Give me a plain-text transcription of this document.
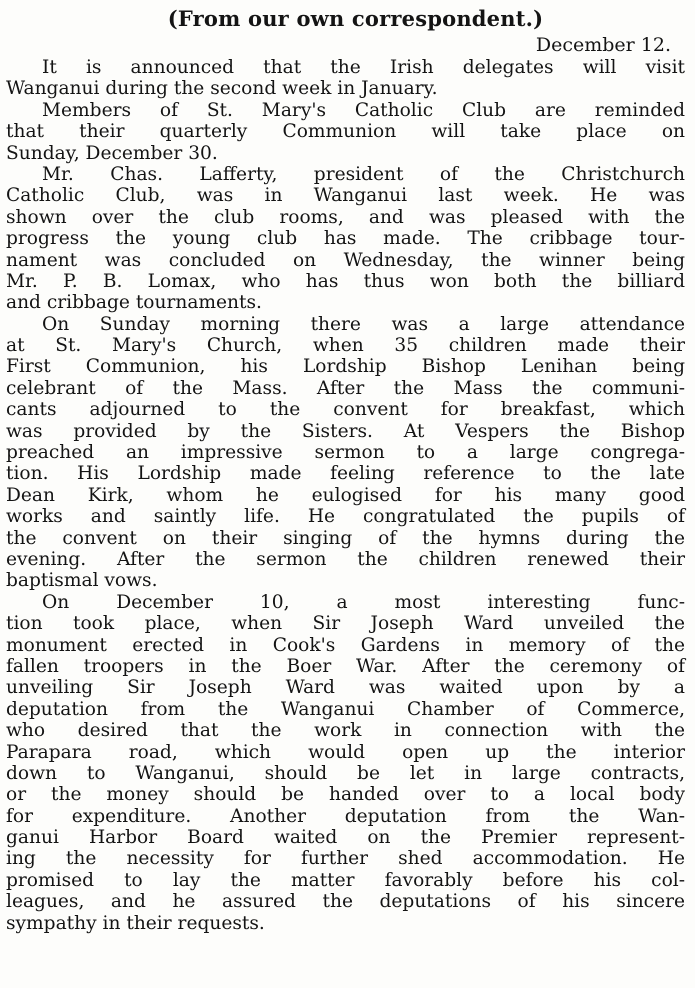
(From our own correspondent.)
December 12.

It is announced that the Irish delegates will visit
Wanganui during the second week in January.

Members of St. Mary's Catholic Club are reminded
that their quarterly Communion will take place on
Sunday, December 30.

Mr. Chas. Lafferty, president of the Christchurch
Catholic Club, was in Wanganui last week. He was
shown over the club rooms, and was pleased with the
progress the young club has made. The cribbage tour-
nament was concluded on Wednesday, the winner being
Mr. P. B. Lomax, who has thus won both the billiard
and cribbage tournaments.

On Sunday morning there was a large attendance
at St. Mary's Church, when 35 children made their
First Communion, his Lordship Bishop Lenihan being
celebrant of the Mass. After the Mass the communi-
cants adjourned to the convent for breakfast, which
was provided by the Sisters. At Vespers the Bishop
preached an impressive sermon to a large congrega-
tion. His Lordship made feeling reference to the late
Dean Kirk, whom he eulogised for his many good
works and saintly life. He congratulated the pupils of
the convent on their singing of the hymns during the
evening. After the sermon the children renewed their
baptismal vows.

On December 10, a most interesting func-
tion took place, when Sir Joseph Ward unveiled the
monument erected in Cook's Gardens in memory of the
fallen troopers in the Boer War. After the ceremony of
unveiling Sir Joseph Ward was waited upon by a
deputation from the Wanganui Chamber of Commerce,
who desired that the work in connection with the
Parapara road, which would open up the interior
down to Wanganui, should be let in large contracts,
or the money should be handed over to a local body
for expenditure. Another deputation from the Wan-
ganui Harbor Board waited on the Premier represent-
ing the necessity for further shed accommodation. He
promised to lay the matter favorably before his col-
leagues, and he assured the deputations of his sincere
sympathy in their requests.
